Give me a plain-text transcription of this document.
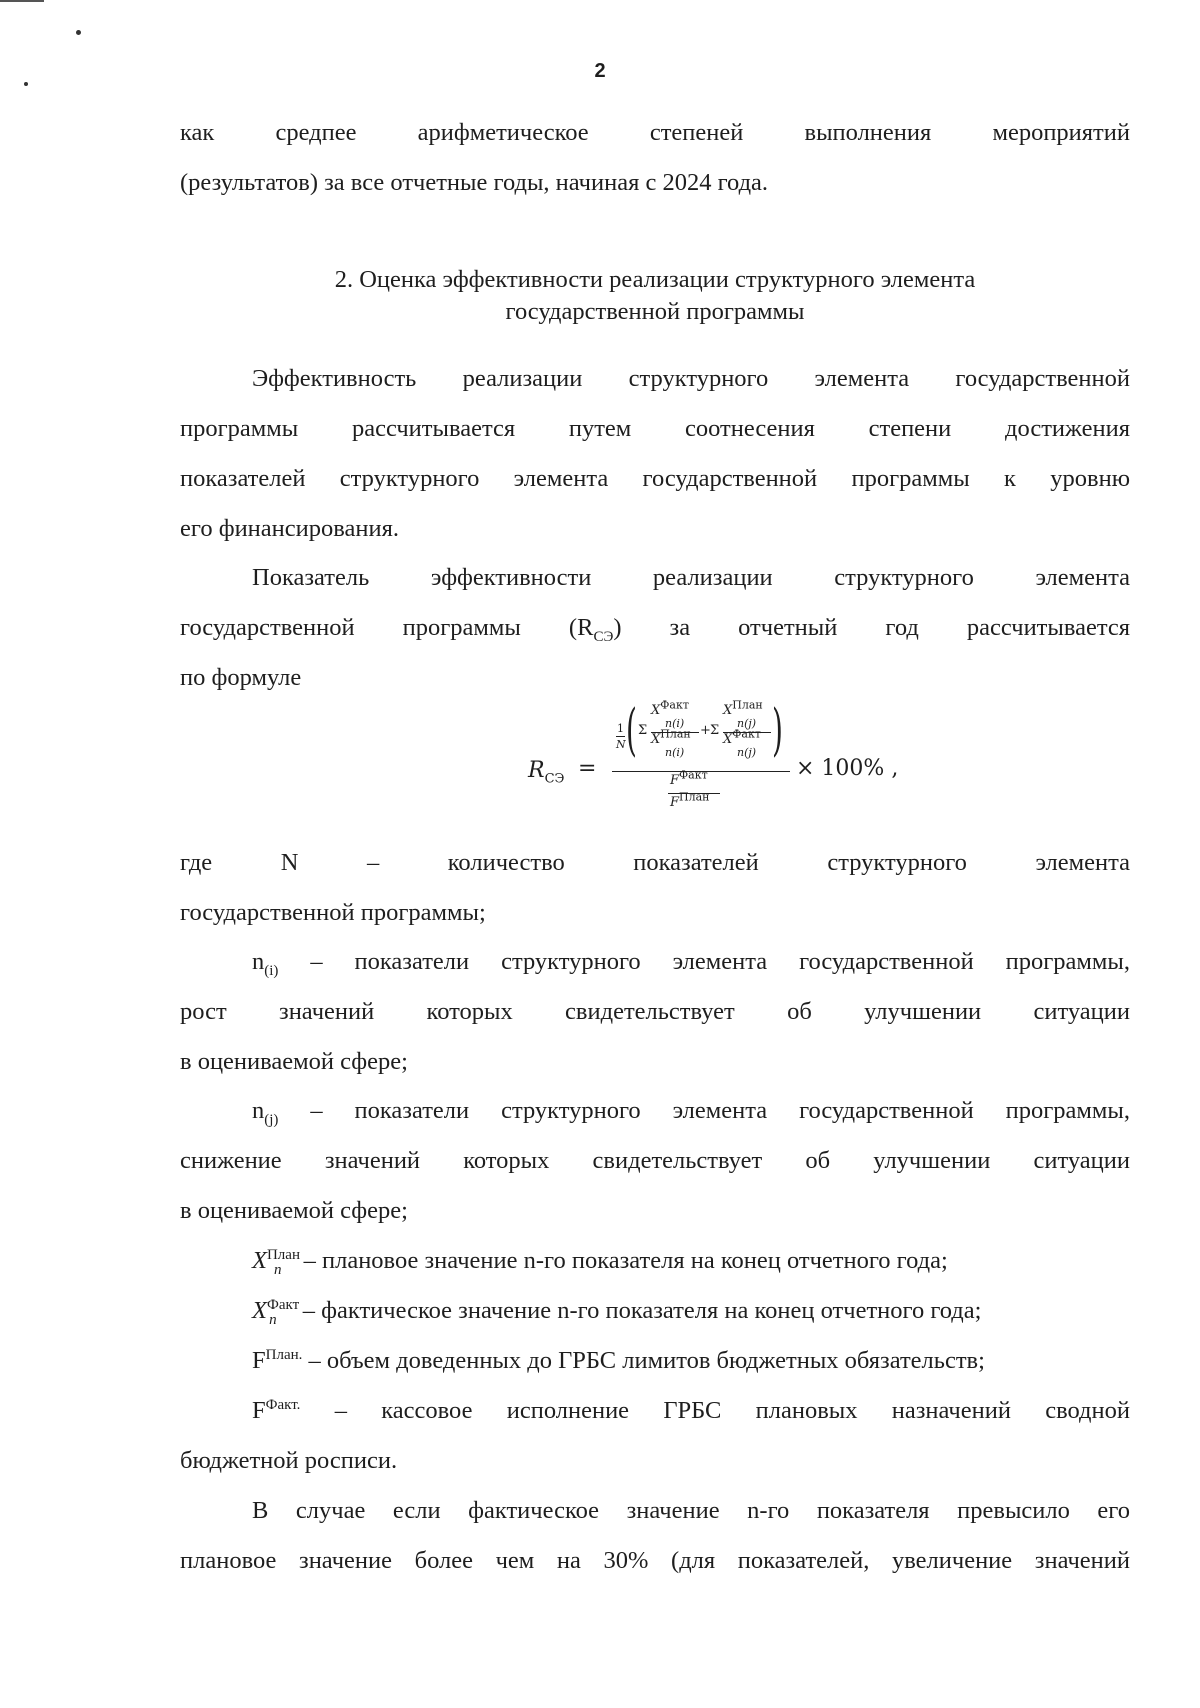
2
как средпее арифметическое степеней выполнения мероприятий
(результатов) за все отчетные годы, начиная с 2024 года.
2. Оценка эффективности реализации структурного элемента
государственной программы
Эффективность реализации структурного элемента государственной
программы рассчитывается путем соотнесения степени достижения
показателей структурного элемента государственной программы к уровню
его финансирования.
Показатель эффективности реализации структурного элемента
государственной программы $(R_{СЭ})$ за отчетный год рассчитывается
по формуле
$R_{СЭ}$ =
1
N ( Σ
$X^{Факт}$
n(i)
$X^{План}$
n(i)
+ Σ
$X^{План}$
n(j)
$X^{Факт}$
n(j) )
$F^{Факт}$
$F^{План}$
× 100% ,
где N – количество показателей структурного элемента
государственной программы;
$n_{(i)}$ – показатели структурного элемента государственной программы,
рост значений которых свидетельствует об улучшении ситуации
в оцениваемой сфере;
$n_{(j)}$ – показатели структурного элемента государственной программы,
снижение значений которых свидетельствует об улучшении ситуации
в оцениваемой сфере;
$X^{План}_n$ – плановое значение n-го показателя на конец отчетного года;
$X^{Факт}_n$ – фактическое значение n-го показателя на конец отчетного года;
$F^{План.}$ – объем доведенных до ГРБС лимитов бюджетных обязательств;
$F^{Факт.}$ – кассовое исполнение ГРБС плановых назначений сводной
бюджетной росписи.
В случае если фактическое значение n-го показателя превысило его
плановое значение более чем на 30% (для показателей, увеличение значений
